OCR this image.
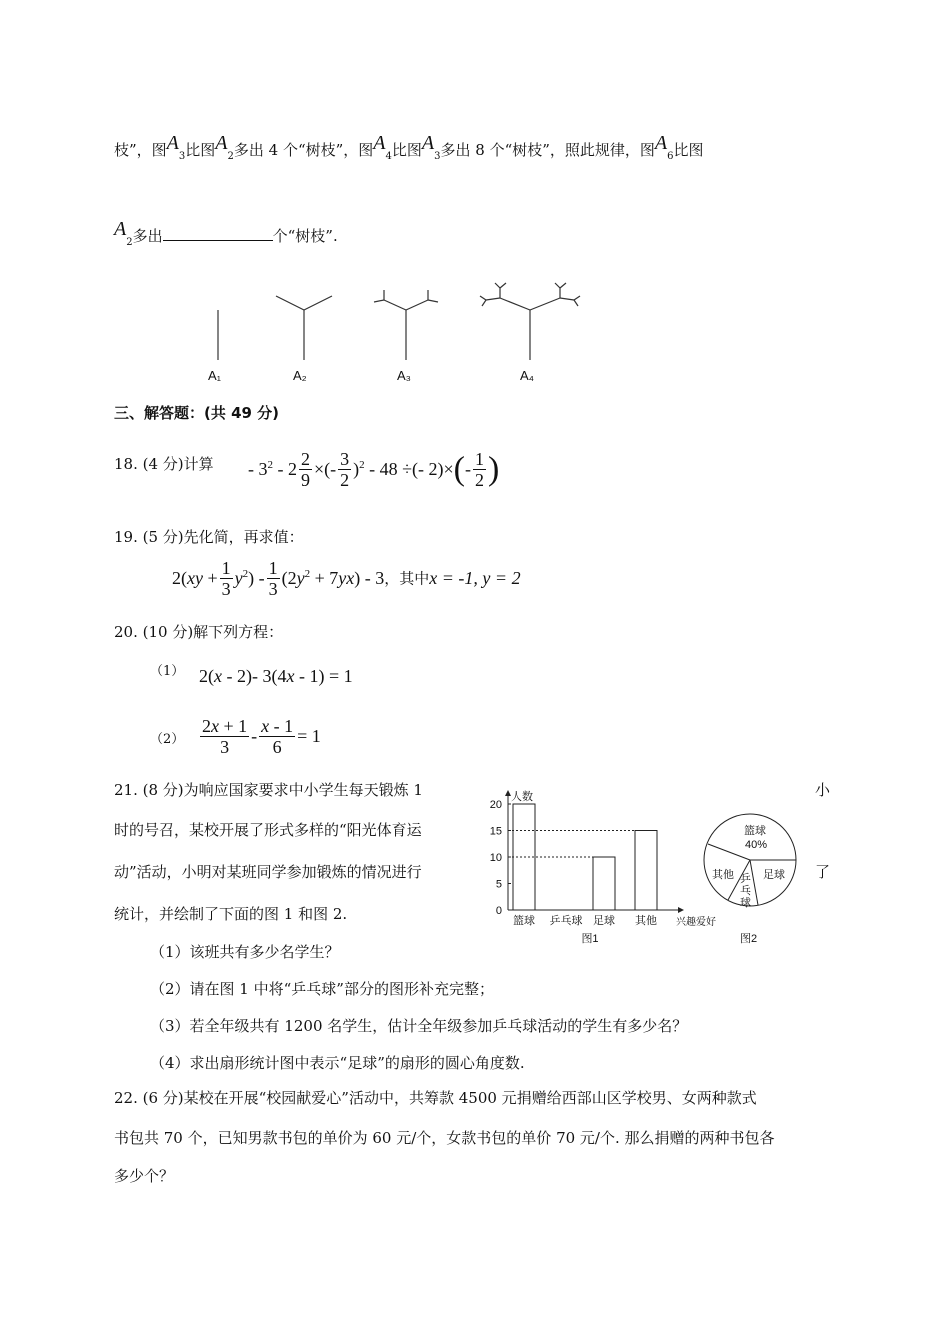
枝”，图$A_3$比图$A_2$多出 4 个“树枝”，图$A_4$比图$A_3$多出 8 个“树枝”，照此规律，图$A_6$比图
$A_2$多出	个“树枝”.
A₁	A₂	A₃	A₄
三、解答题：(共 49 分)
18. (4 分)计算 - $3^2 - 2 \frac{2}{9}$ ×(- $\frac{3}{2} )^2 - 48$ ÷(- $2)\times(- \frac{1}{2}$ )
19. (5 分)先化简，再求值：
$2(xy + \frac{1}{3} y^2) - \frac{1}{3} (2y^2 + 7yx) - 3$，其中x = -1, y = 2
20. (10 分)解下列方程：
（1） 2(x - 2)- 3(4x - 1) = 1
$(2) \frac{2x + 1}{3} - \frac{x - 1}{6} = 1$
21. (8 分)为响应国家要求中小学生每天锻炼 1
时的号召，某校开展了形式多样的“阳光体育运
动”活动，小明对某班同学参加锻炼的情况进行
统计，并绘制了下面的图 1 和图 2.
小
了
人数
兴趣爱好
0
5
10
15
20
篮球 乒乓球 足球 其他
图1
篮球
40%
其他	足球
乒
乓
球
图2
（1）该班共有多少名学生？
（2）请在图 1 中将“乒乓球”部分的图形补充完整；
（3）若全年级共有 1200 名学生，估计全年级参加乒乓球活动的学生有多少名？
（4）求出扇形统计图中表示“足球”的扇形的圆心角度数.
22. (6 分)某校在开展“校园献爱心”活动中，共筹款 4500 元捐赠给西部山区学校男、女两种款式
书包共 70 个，已知男款书包的单价为 60 元/个，女款书包的单价 70 元/个. 那么捐赠的两种书包各
多少个？
